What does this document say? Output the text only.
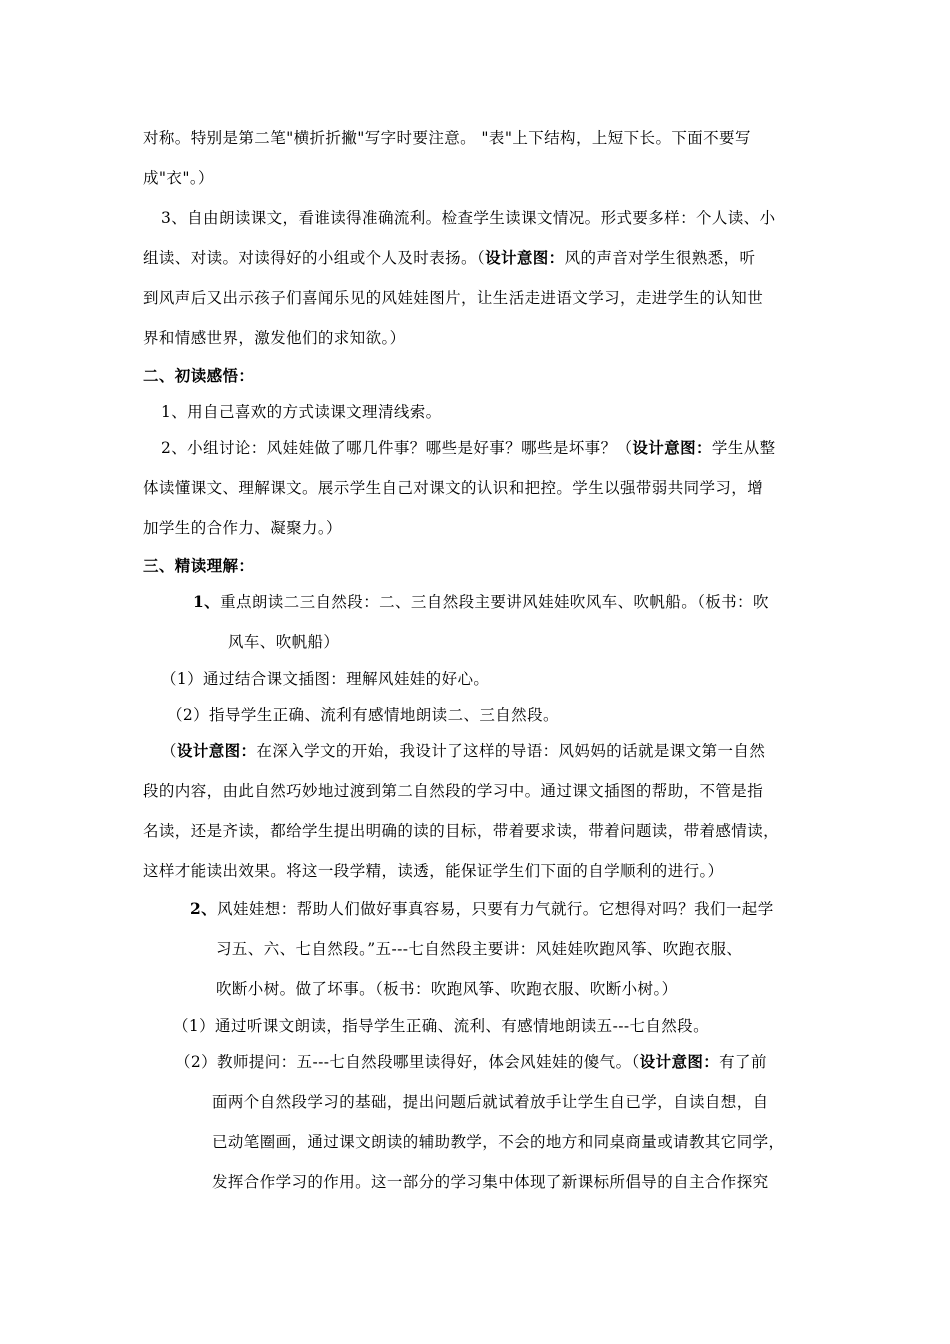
对称。特别是第二笔"横折折撇"写字时要注意。 "表"上下结构，上短下长。下面不要写
成"衣"。）
3、自由朗读课文，看谁读得准确流利。检查学生读课文情况。形式要多样：个人读、小
组读、对读。对读得好的小组或个人及时表扬。（设计意图：风的声音对学生很熟悉，听
到风声后又出示孩子们喜闻乐见的风娃娃图片，让生活走进语文学习，走进学生的认知世
界和情感世界，激发他们的求知欲。）
二、初读感悟：
1、用自己喜欢的方式读课文理清线索。
2、小组讨论：风娃娃做了哪几件事？哪些是好事？哪些是坏事？（设计意图：学生从整
体读懂课文、理解课文。展示学生自己对课文的认识和把控。学生以强带弱共同学习，增
加学生的合作力、凝聚力。）
三、精读理解：
1、重点朗读二三自然段：二、三自然段主要讲风娃娃吹风车、吹帆船。（板书：吹
风车、吹帆船）
（1）通过结合课文插图：理解风娃娃的好心。
（2）指导学生正确、流利有感情地朗读二、三自然段。
（设计意图：在深入学文的开始，我设计了这样的导语：风妈妈的话就是课文第一自然
段的内容，由此自然巧妙地过渡到第二自然段的学习中。通过课文插图的帮助，不管是指
名读，还是齐读，都给学生提出明确的读的目标，带着要求读，带着问题读，带着感情读，
这样才能读出效果。将这一段学精，读透，能保证学生们下面的自学顺利的进行。）
2、风娃娃想：帮助人们做好事真容易，只要有力气就行。它想得对吗？我们一起学
习五、六、七自然段。”五---七自然段主要讲：风娃娃吹跑风筝、吹跑衣服、
吹断小树。做了坏事。（板书：吹跑风筝、吹跑衣服、吹断小树。）
（1）通过听课文朗读，指导学生正确、流利、有感情地朗读五---七自然段。
（2）教师提问：五---七自然段哪里读得好，体会风娃娃的傻气。（设计意图：有了前
面两个自然段学习的基础，提出问题后就试着放手让学生自已学，自读自想，自
已动笔圈画，通过课文朗读的辅助教学，不会的地方和同桌商量或请教其它同学，
发挥合作学习的作用。这一部分的学习集中体现了新课标所倡导的自主合作探究
